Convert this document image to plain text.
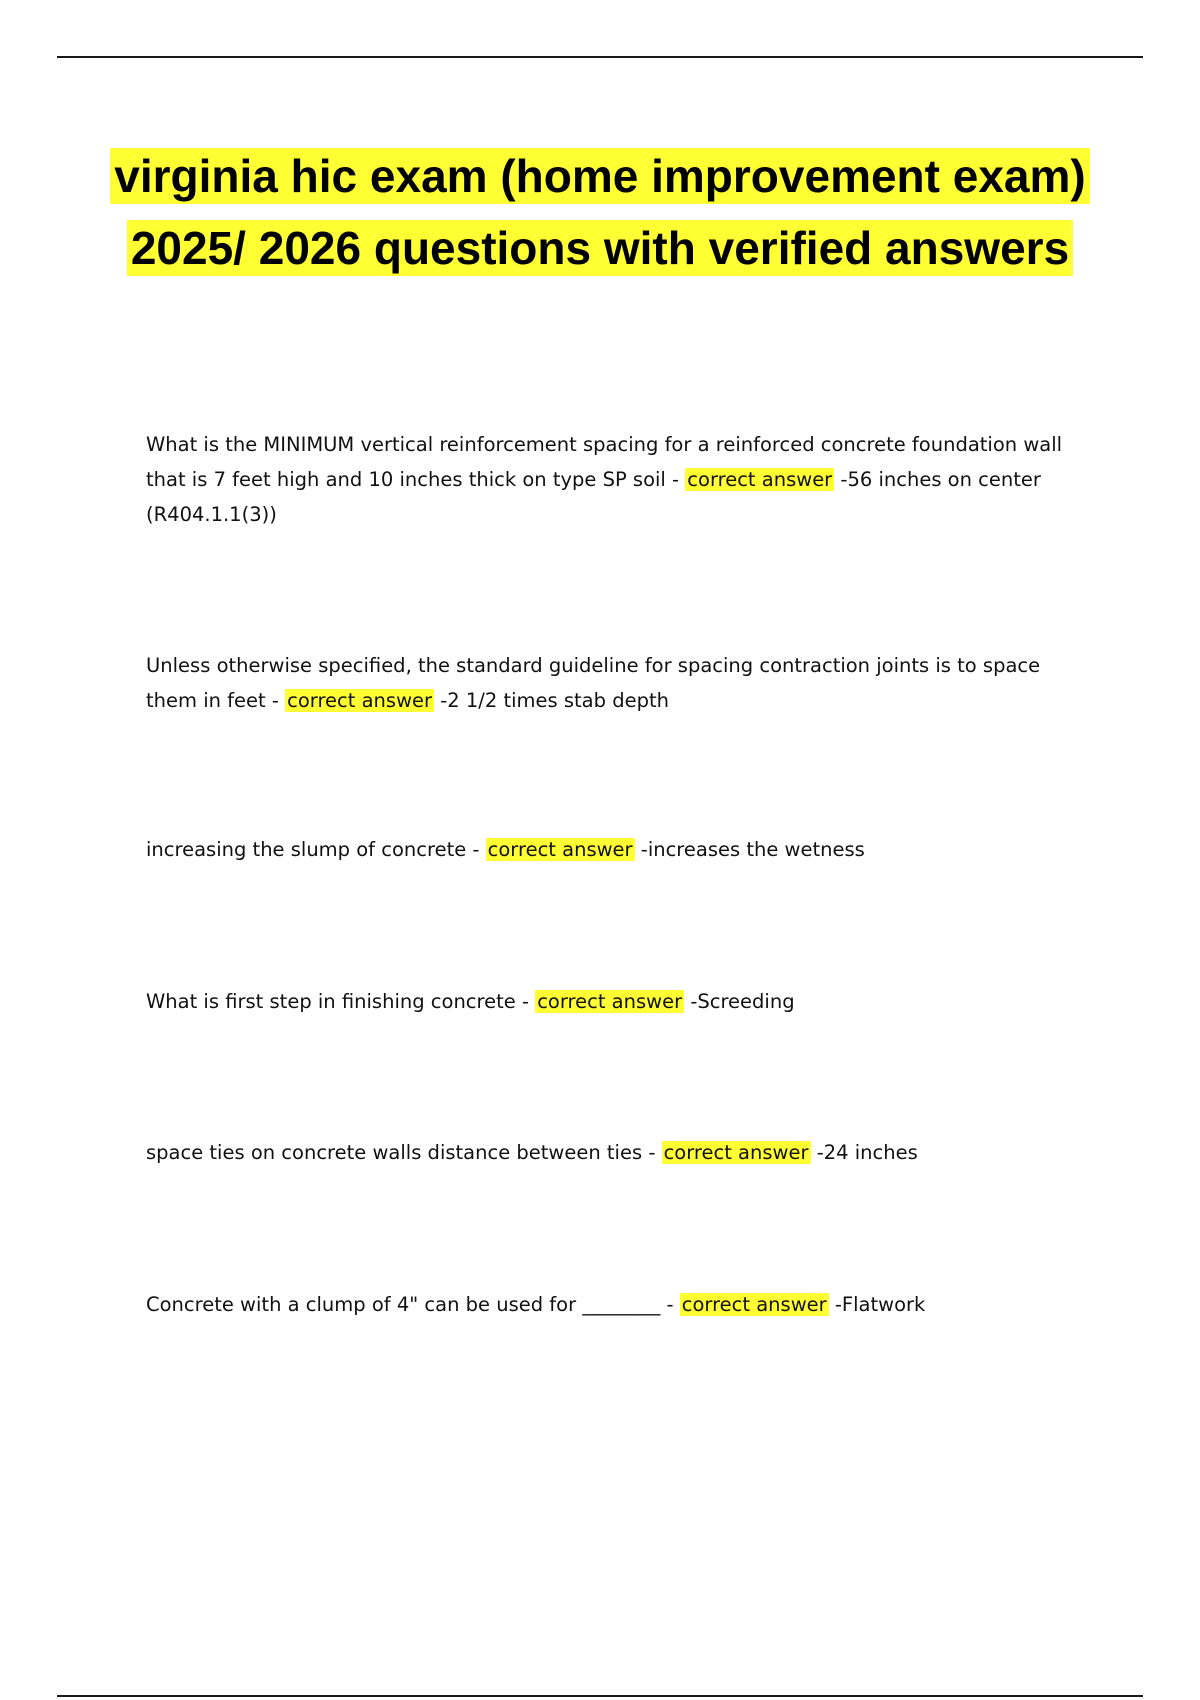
virginia hic exam (home improvement exam) 2025/ 2026 questions with verified answers

What is the MINIMUM vertical reinforcement spacing for a reinforced concrete foundation wall that is 7 feet high and 10 inches thick on type SP soil - correct answer -56 inches on center (R404.1.1(3))

Unless otherwise specified, the standard guideline for spacing contraction joints is to space them in feet - correct answer -2 1/2 times stab depth

increasing the slump of concrete - correct answer -increases the wetness

What is first step in finishing concrete - correct answer -Screeding

space ties on concrete walls distance between ties - correct answer -24 inches

Concrete with a clump of 4" can be used for ________ - correct answer -Flatwork
